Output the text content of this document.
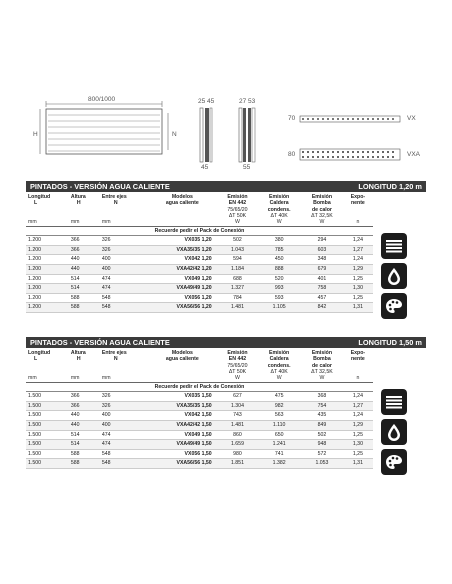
800/1000
H	N
25 45
45
27 53
55
70	VX
80	VXA
PINTADOS - VERSIÓN AGUA CALIENTE	LONGITUD 1,20 m
Longitud
L	Altura
H	Entre ejes
N	Modelos
agua caliente	Emisión
EN 442
75/65/20
ΔT 50K	Emisión
Caldera
condens.
ΔT 40K	Emisión
Bomba
de calor
ΔT 32,5K	Expo-
nente
mm	mm	mm		W	W	W	n
Recuerde pedir el Pack de Conexión							
1.200	366	326	VX035 1,20	502	380	294	1,24
1.200	366	326	VXA35/35 1,20	1.043	785	603	1,27
1.200	440	400	VX042 1,20	594	450	348	1,24
1.200	440	400	VXA42/42 1,20	1.184	888	679	1,29
1.200	514	474	VX049 1,20	688	520	401	1,25
1.200	514	474	VXA49/49 1,20	1.327	993	758	1,30
1.200	588	548	VX056 1,20	784	593	457	1,25
1.200	588	548	VXA56/56 1,20	1.481	1.105	842	1,31
PINTADOS - VERSIÓN AGUA CALIENTE	LONGITUD 1,50 m
Longitud
L	Altura
H	Entre ejes
N	Modelos
agua caliente	Emisión
EN 442
75/65/20
ΔT 50K	Emisión
Caldera
condens.
ΔT 40K	Emisión
Bomba
de calor
ΔT 32,5K	Expo-
nente
mm	mm	mm		W	W	W	n
Recuerde pedir el Pack de Conexión							
1.500	366	326	VX035 1,50	627	475	368	1,24
1.500	366	326	VXA35/35 1,50	1.304	982	754	1,27
1.500	440	400	VX042 1,50	743	563	435	1,24
1.500	440	400	VXA42/42 1,50	1.481	1.110	849	1,29
1.500	514	474	VX049 1,50	860	650	502	1,25
1.500	514	474	VXA49/49 1,50	1.659	1.241	948	1,30
1.500	588	548	VX056 1,50	980	741	572	1,25
1.500	588	548	VXA56/56 1,50	1.851	1.382	1.053	1,31
